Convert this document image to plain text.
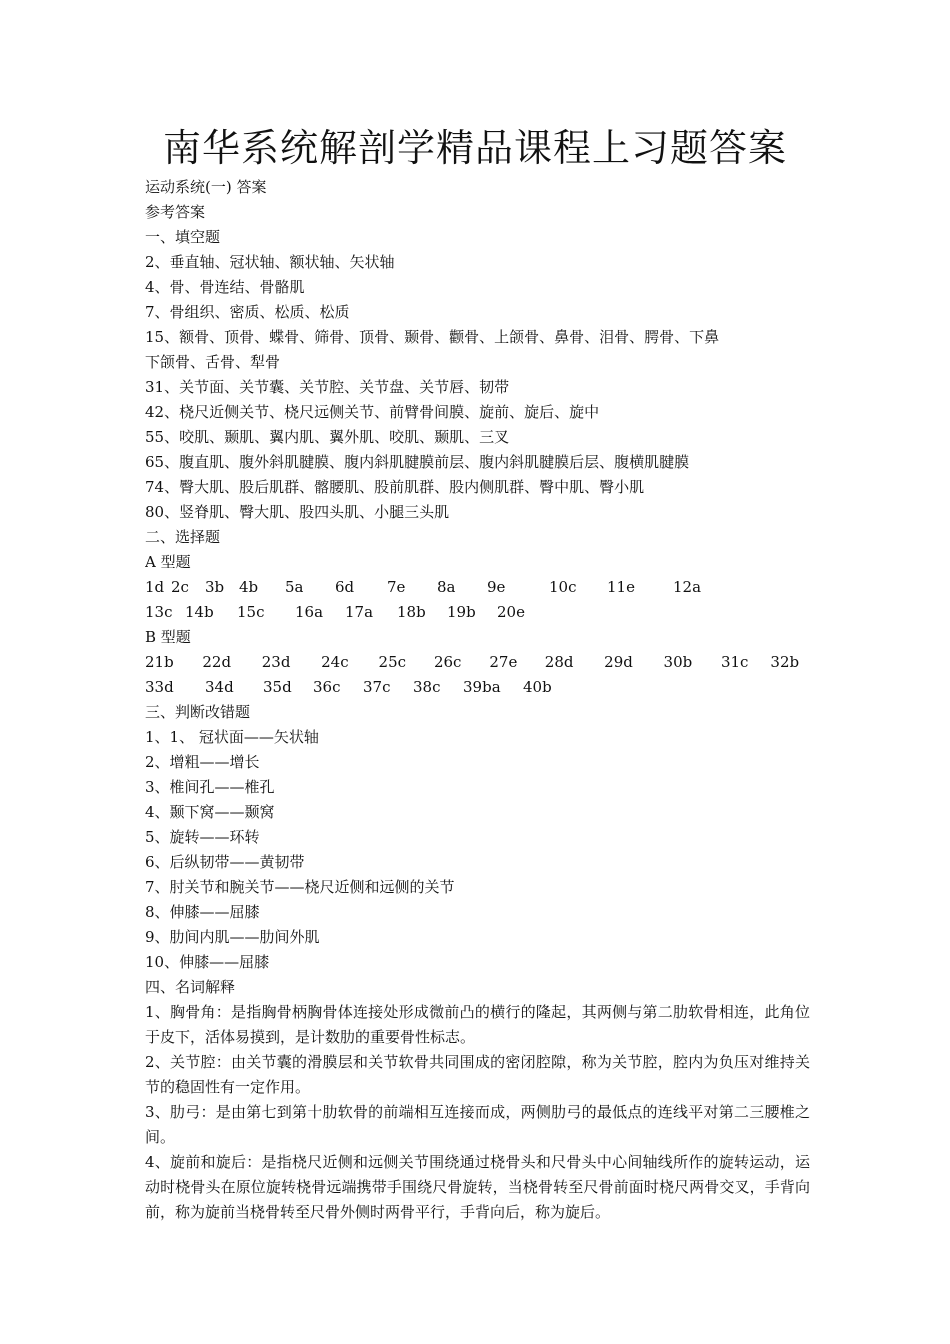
南华系统解剖学精品课程上习题答案
运动系统(一) 答案
参考答案
一、填空题
2、垂直轴、冠状轴、额状轴、矢状轴
4、骨、骨连结、骨骼肌
7、骨组织、密质、松质、松质
15、额骨、顶骨、蝶骨、筛骨、顶骨、颞骨、颧骨、上颌骨、鼻骨、泪骨、腭骨、下鼻
下颌骨、舌骨、犁骨
31、关节面、关节囊、关节腔、关节盘、关节唇、韧带
42、桡尺近侧关节、桡尺远侧关节、前臂骨间膜、旋前、旋后、旋中
55、咬肌、颞肌、翼内肌、翼外肌、咬肌、颞肌、三叉
65、腹直肌、腹外斜肌腱膜、腹内斜肌腱膜前层、腹内斜肌腱膜后层、腹横肌腱膜
74、臀大肌、股后肌群、髂腰肌、股前肌群、股内侧肌群、臀中肌、臀小肌
80、竖脊肌、臀大肌、股四头肌、小腿三头肌
二、选择题
A 型题
1d 2c	3b 4b	5a	6d	7e	8a	9e	10c	11e	12a
13c 14b	15c	16a	17a	18b	19b	20e
B 型题
21b	22d	23d	24c	25c	26c	27e	28d	29d	30b	31c	32b
33d	34d	35d	36c	37c	38c	39ba	40b
三、判断改错题
1、1、 冠状面——矢状轴
2、增粗——增长
3、椎间孔——椎孔
4、颞下窝——颞窝
5、旋转——环转
6、后纵韧带——黄韧带
7、肘关节和腕关节——桡尺近侧和远侧的关节
8、伸膝——屈膝
9、肋间内肌——肋间外肌
10、伸膝——屈膝
四、名词解释
1、胸骨角：是指胸骨柄胸骨体连接处形成微前凸的横行的隆起，其两侧与第二肋软骨相连，此角位于皮下，活体易摸到，是计数肋的重要骨性标志。
2、关节腔：由关节囊的滑膜层和关节软骨共同围成的密闭腔隙，称为关节腔，腔内为负压对维持关节的稳固性有一定作用。
3、肋弓：是由第七到第十肋软骨的前端相互连接而成，两侧肋弓的最低点的连线平对第二三腰椎之间。
4、旋前和旋后：是指桡尺近侧和远侧关节围绕通过桡骨头和尺骨头中心间轴线所作的旋转运动，运动时桡骨头在原位旋转桡骨远端携带手围绕尺骨旋转，当桡骨转至尺骨前面时桡尺两骨交叉，手背向前，称为旋前当桡骨转至尺骨外侧时两骨平行，手背向后，称为旋后。
